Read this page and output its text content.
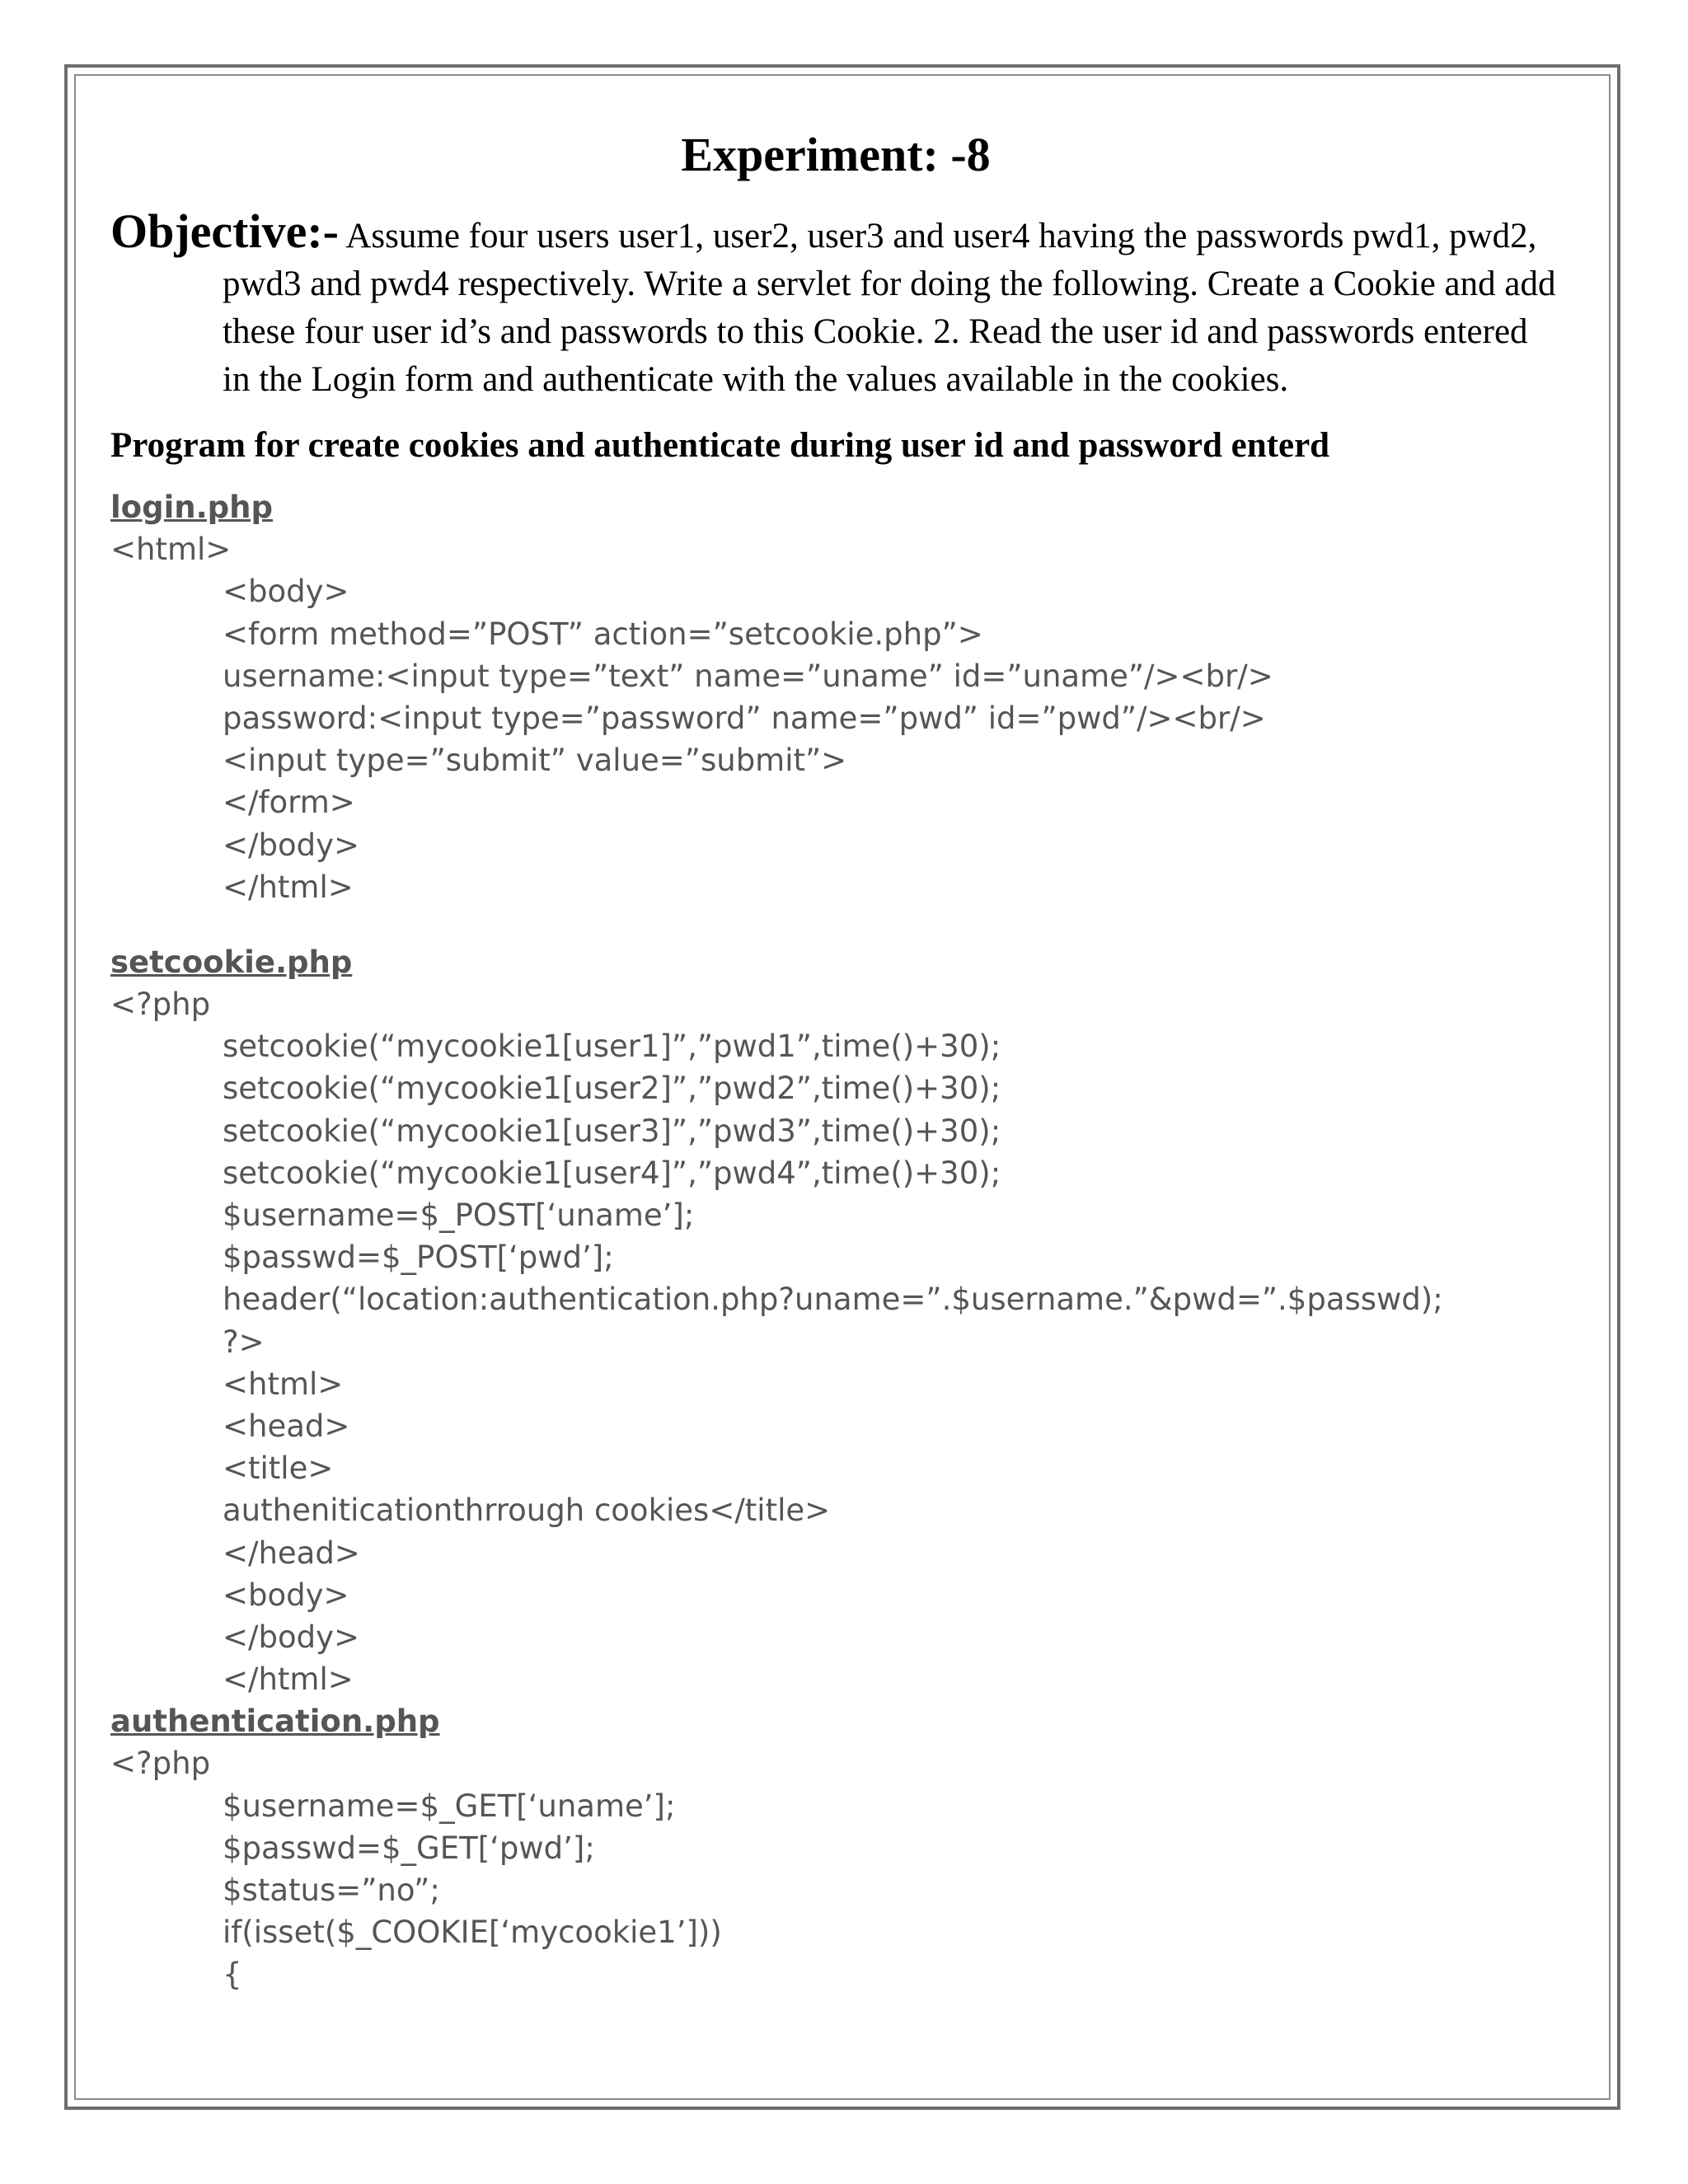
Experiment: -8
Objective:- Assume four users user1, user2, user3 and user4 having the passwords pwd1, pwd2, pwd3 and pwd4 respectively. Write a servlet for doing the following. Create a Cookie and add these four user id’s and passwords to this Cookie. 2. Read the user id and passwords entered in the Login form and authenticate with the values available in the cookies.
Program for create cookies and authenticate during user id and password enterd
login.php
<html>
<body>
<form method=”POST” action=”setcookie.php”>
username:<input type=”text” name=”uname” id=”uname”/><br/>
password:<input type=”password” name=”pwd” id=”pwd”/><br/>
<input type=”submit” value=”submit”>
</form>
</body>
</html>
setcookie.php
<?php
setcookie(“mycookie1[user1]”,”pwd1”,time()+30);
setcookie(“mycookie1[user2]”,”pwd2”,time()+30);
setcookie(“mycookie1[user3]”,”pwd3”,time()+30);
setcookie(“mycookie1[user4]”,”pwd4”,time()+30);
$username=$_POST[‘uname’];
$passwd=$_POST[‘pwd’];
header(“location:authentication.php?uname=”.$username.”&pwd=”.$passwd);
?>
<html>
<head>
<title>
autheniticationthrrough cookies</title>
</head>
<body>
</body>
</html>
authentication.php
<?php
$username=$_GET[‘uname’];
$passwd=$_GET[‘pwd’];
$status=”no”;
if(isset($_COOKIE[‘mycookie1’]))
{
